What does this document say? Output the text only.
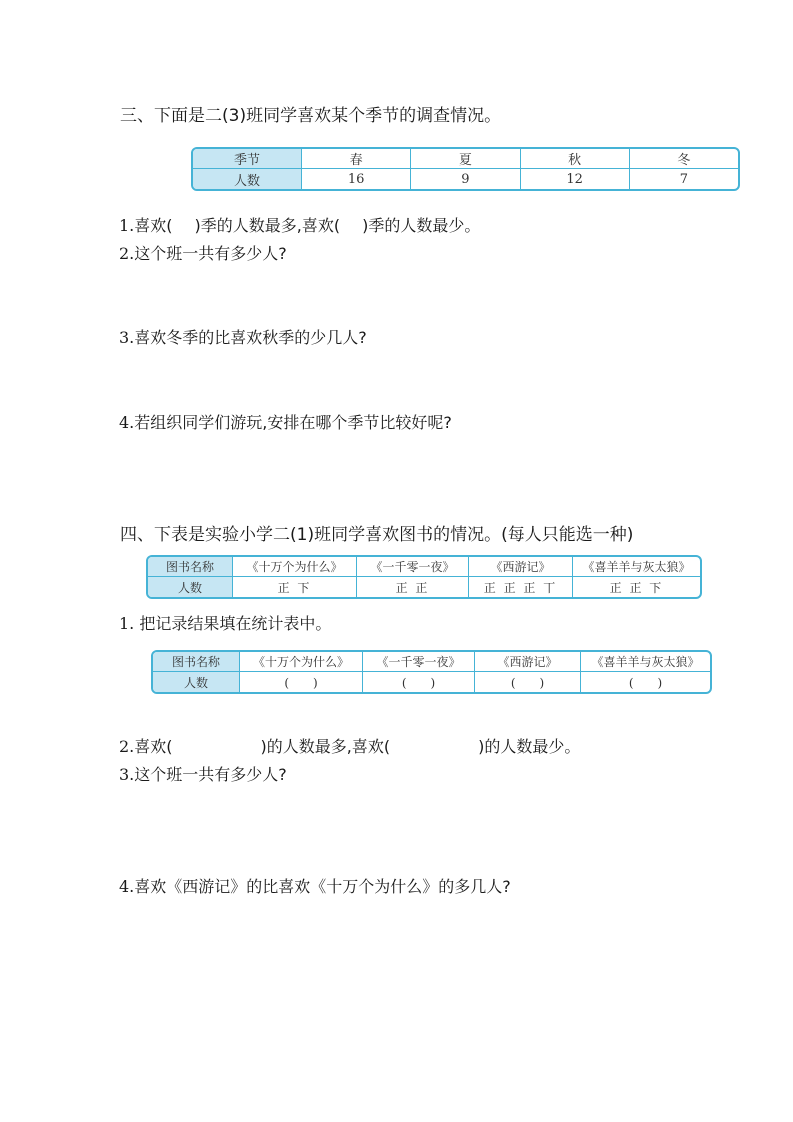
三、下面是二(3)班同学喜欢某个季节的调查情况。
季节	春	夏	秋	冬
人数	16	9	12	7
1.喜欢( )季的人数最多,喜欢( )季的人数最少。
2.这个班一共有多少人?
3.喜欢冬季的比喜欢秋季的少几人?
4.若组织同学们游玩,安排在哪个季节比较好呢?
四、下表是实验小学二(1)班同学喜欢图书的情况。(每人只能选一种)
图书名称	《十万个为什么》	《一千零一夜》	《西游记》	《喜羊羊与灰太狼》
人数	正 下	正 正	正 正 正 丅	正 正 下
1. 把记录结果填在统计表中。
图书名称	《十万个为什么》	《一千零一夜》	《西游记》	《喜羊羊与灰太狼》
人数	(　　)	(　　)	(　　)	(　　)
2.喜欢(	)的人数最多,喜欢(	)的人数最少。
3.这个班一共有多少人?
4.喜欢《西游记》的比喜欢《十万个为什么》的多几人?
